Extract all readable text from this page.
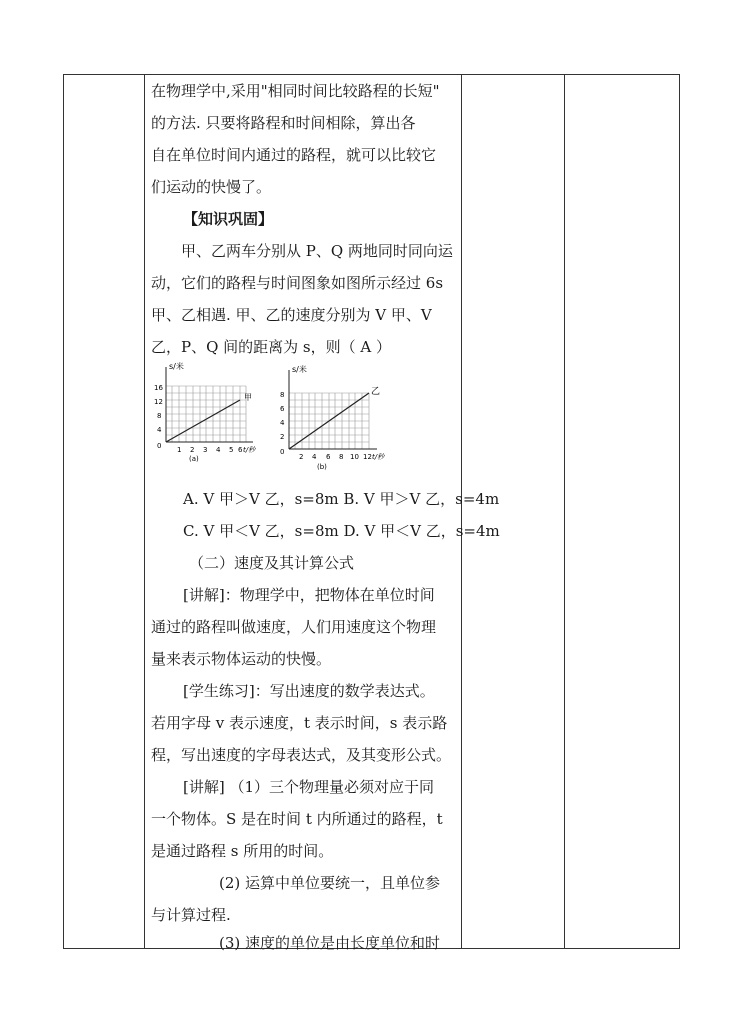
在物理学中,采用"相同时间比较路程的长短"
的方法. 只要将路程和时间相除，算出各
自在单位时间内通过的路程，就可以比较它
们运动的快慢了。
【知识巩固】
甲、乙两车分别从 P、Q 两地同时同向运
动，它们的路程与时间图象如图所示经过 6s
甲、乙相遇. 甲、乙的速度分别为 V 甲、V
乙，P、Q 间的距离为 s，则（ A ）
s/米
甲
16
12
8
4
0 1 2 3 4 5 6 t/秒
(a)
s/米
乙
8
6
4
2
0
2 4 6 8 10 12 t/秒
(b)
A. V 甲＞V 乙，s=8m B. V 甲＞V 乙，s=4m
C. V 甲＜V 乙，s=8m D. V 甲＜V 乙，s=4m
（二）速度及其计算公式
[讲解]：物理学中，把物体在单位时间
通过的路程叫做速度，人们用速度这个物理
量来表示物体运动的快慢。
[学生练习]：写出速度的数学表达式。
若用字母 v 表示速度，t 表示时间，s 表示路
程，写出速度的字母表达式，及其变形公式。
[讲解] （1）三个物理量必须对应于同
一个物体。S 是在时间 t 内所通过的路程，t
是通过路程 s 所用的时间。
(2) 运算中单位要统一，且单位参
与计算过程.
(3) 速度的单位是由长度单位和时
